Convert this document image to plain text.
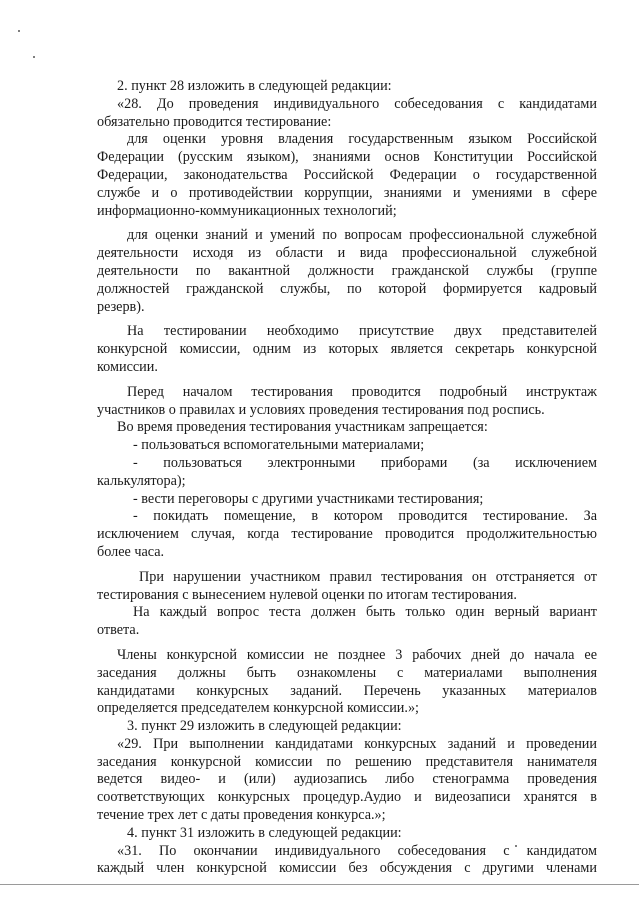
2. пункт 28 изложить в следующей редакции:
«28. До проведения индивидуального собеседования с кандидатами
обязательно проводится тестирование:
для оценки уровня владения государственным языком Российской
Федерации (русским языком), знаниями основ Конституции Российской
Федерации, законодательства Российской Федерации о государственной
службе и о противодействии коррупции, знаниями и умениями в сфере
информационно-коммуникационных технологий;
для оценки знаний и умений по вопросам профессиональной служебной
деятельности исходя из области и вида профессиональной служебной
деятельности по вакантной должности гражданской службы (группе
должностей гражданской службы, по которой формируется кадровый
резерв).
На тестировании необходимо присутствие двух представителей
конкурсной комиссии, одним из которых является секретарь конкурсной
комиссии.
Перед началом тестирования проводится подробный инструктаж
участников о правилах и условиях проведения тестирования под роспись.
Во время проведения тестирования участникам запрещается:
- пользоваться вспомогательными материалами;
- пользоваться электронными приборами (за исключением
калькулятора);
- вести переговоры с другими участниками тестирования;
- покидать помещение, в котором проводится тестирование. За
исключением случая, когда тестирование проводится продолжительностью
более часа.
При нарушении участником правил тестирования он отстраняется от
тестирования с вынесением нулевой оценки по итогам тестирования.
На каждый вопрос теста должен быть только один верный вариант
ответа.
Члены конкурсной комиссии не позднее 3 рабочих дней до начала ее
заседания должны быть ознакомлены с материалами выполнения
кандидатами конкурсных заданий. Перечень указанных материалов
определяется председателем конкурсной комиссии.»;
3. пункт 29 изложить в следующей редакции:
«29. При выполнении кандидатами конкурсных заданий и проведении
заседания конкурсной комиссии по решению представителя нанимателя
ведется видео- и (или) аудиозапись либо стенограмма проведения
соответствующих конкурсных процедур.Аудио и видеозаписи хранятся в
течение трех лет с даты проведения конкурса.»;
4. пункт 31 изложить в следующей редакции:
«31. По окончании индивидуального собеседования с кандидатом
каждый член конкурсной комиссии без обсуждения с другими членами
